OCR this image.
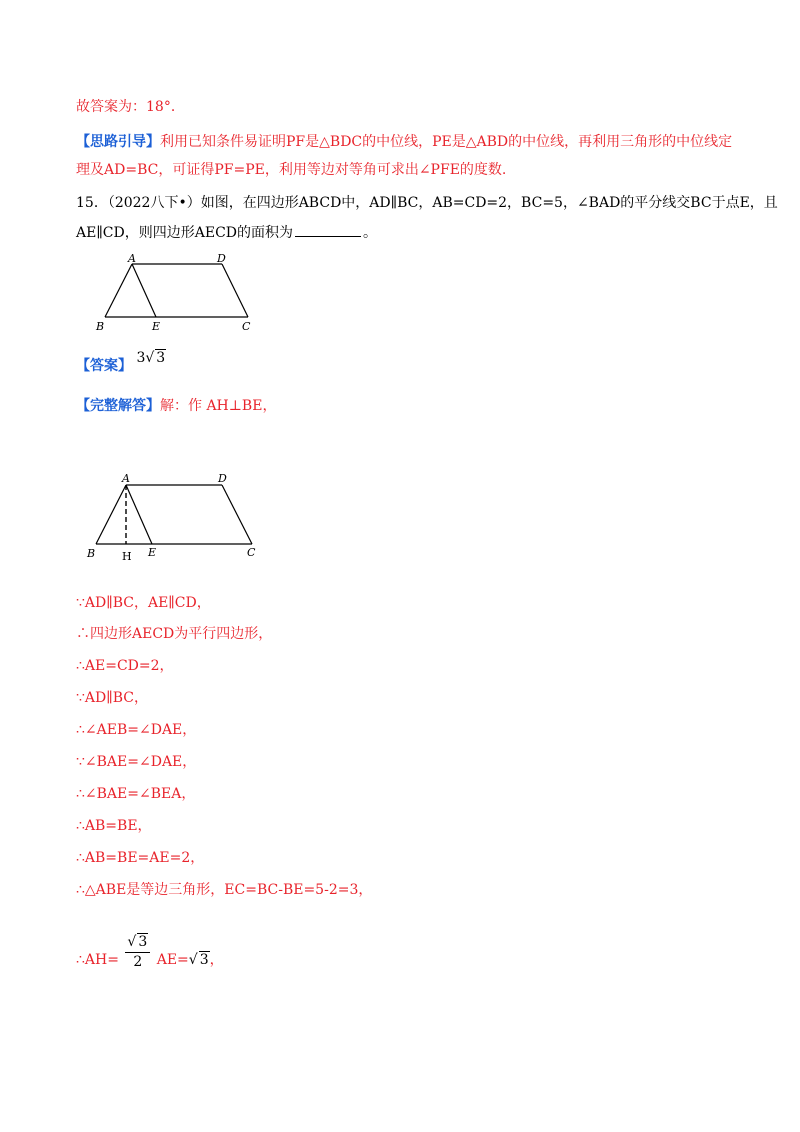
故答案为：18°．
【思路引导】利用已知条件易证明PF是△BDC的中位线，PE是△ABD的中位线，再利用三角形的中位线定
理及AD=BC，可证得PF=PE，利用等边对等角可求出∠PFE的度数.
15．（2022八下•）如图，在四边形ABCD中，AD∥BC，AB=CD=2，BC=5，∠BAD的平分线交BC于点E，且
AE∥CD，则四边形AECD的面积为	。
A	D
B	E	C
【答案】 3√ 3
【完整解答】解：作 AH⊥BE，
A	D
B H E	C
∵AD∥BC，AE∥CD，
∴四边形AECD为平行四边形，
∴AE=CD=2，
∵AD∥BC，
∴∠AEB=∠DAE，
∵∠BAE=∠DAE，
∴∠BAE=∠BEA，
∴AB=BE，
∴AB=BE=AE=2，
∴△ABE是等边三角形，EC=BC-BE=5-2=3，
∴AH= $\frac{√ 3}{2} AE=√$ 3，
